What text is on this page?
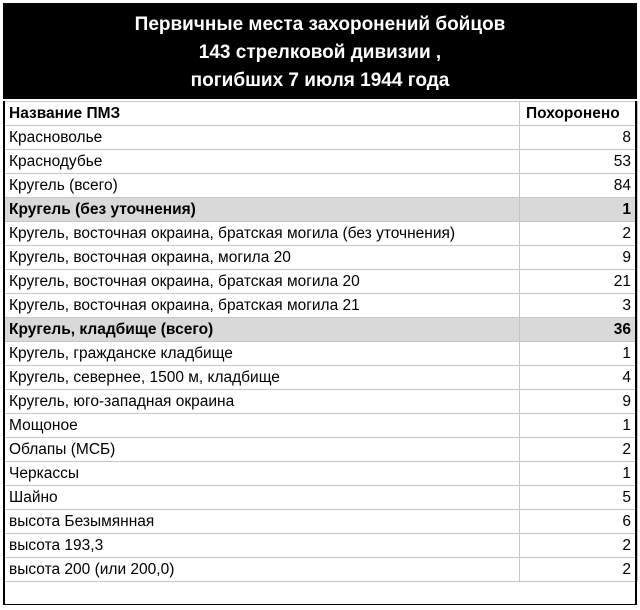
Первичные места захоронений бойцов
143 стрелковой дивизии ,
погибших 7 июля 1944 года
Название ПМЗ	Похоронено
Красноволье	8
Краснодубье	53
Кругель (всего)	84
Кругель (без уточнения)	1
Кругель, восточная окраина, братская могила (без уточнения)	2
Кругель, восточная окраина, могила 20	9
Кругель, восточная окраина, братская могила 20	21
Кругель, восточная окраина, братская могила 21	3
Кругель, кладбище (всего)	36
Кругель, гражданске кладбище	1
Кругель, севернее, 1500 м, кладбище	4
Кругель, юго-западная окраина	9
Мощоное	1
Облапы (МСБ)	2
Черкассы	1
Шайно	5
высота Безымянная	6
высота 193,3	2
высота 200 (или 200,0)	2
